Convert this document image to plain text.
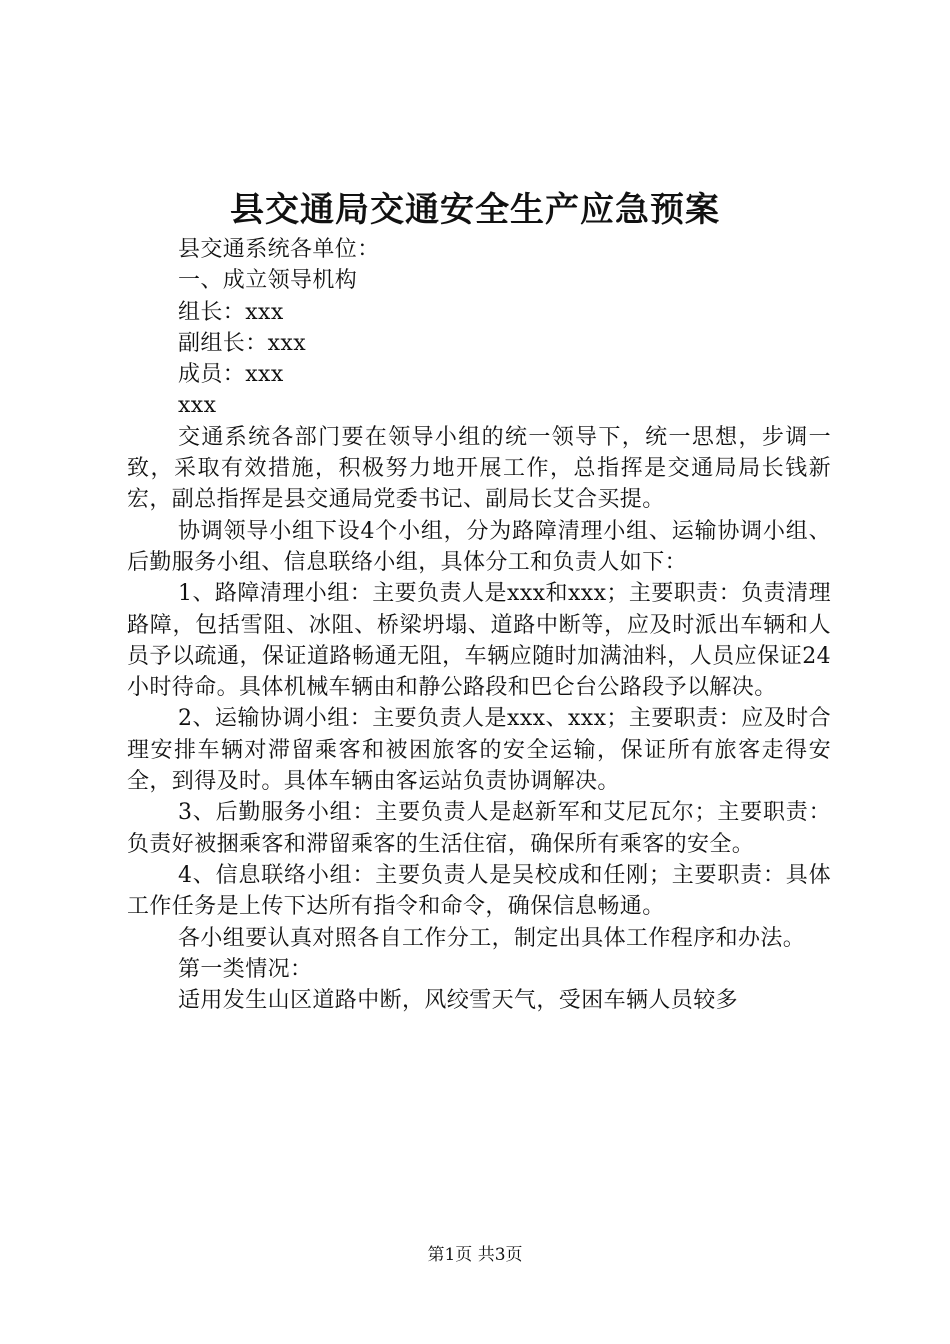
县交通局交通安全生产应急预案

县交通系统各单位：

一、成立领导机构

组长：xxx

副组长：xxx

成员：xxx

xxx

交通系统各部门要在领导小组的统一领导下，统一思想，步调一致，采取有效措施，积极努力地开展工作，总指挥是交通局局长钱新宏，副总指挥是县交通局党委书记、副局长艾合买提。

协调领导小组下设4个小组，分为路障清理小组、运输协调小组、后勤服务小组、信息联络小组，具体分工和负责人如下：

1、路障清理小组：主要负责人是xxx和xxx；主要职责：负责清理路障，包括雪阻、冰阻、桥梁坍塌、道路中断等，应及时派出车辆和人员予以疏通，保证道路畅通无阻，车辆应随时加满油料，人员应保证24小时待命。具体机械车辆由和静公路段和巴仑台公路段予以解决。

2、运输协调小组：主要负责人是xxx、xxx；主要职责：应及时合理安排车辆对滞留乘客和被困旅客的安全运输，保证所有旅客走得安全，到得及时。具体车辆由客运站负责协调解决。

3、后勤服务小组：主要负责人是赵新军和艾尼瓦尔；主要职责：负责好被捆乘客和滞留乘客的生活住宿，确保所有乘客的安全。

4、信息联络小组：主要负责人是吴校成和任刚；主要职责：具体工作任务是上传下达所有指令和命令，确保信息畅通。

各小组要认真对照各自工作分工，制定出具体工作程序和办法。

第一类情况：

适用发生山区道路中断，风绞雪天气，受困车辆人员较多

第1页 共3页
